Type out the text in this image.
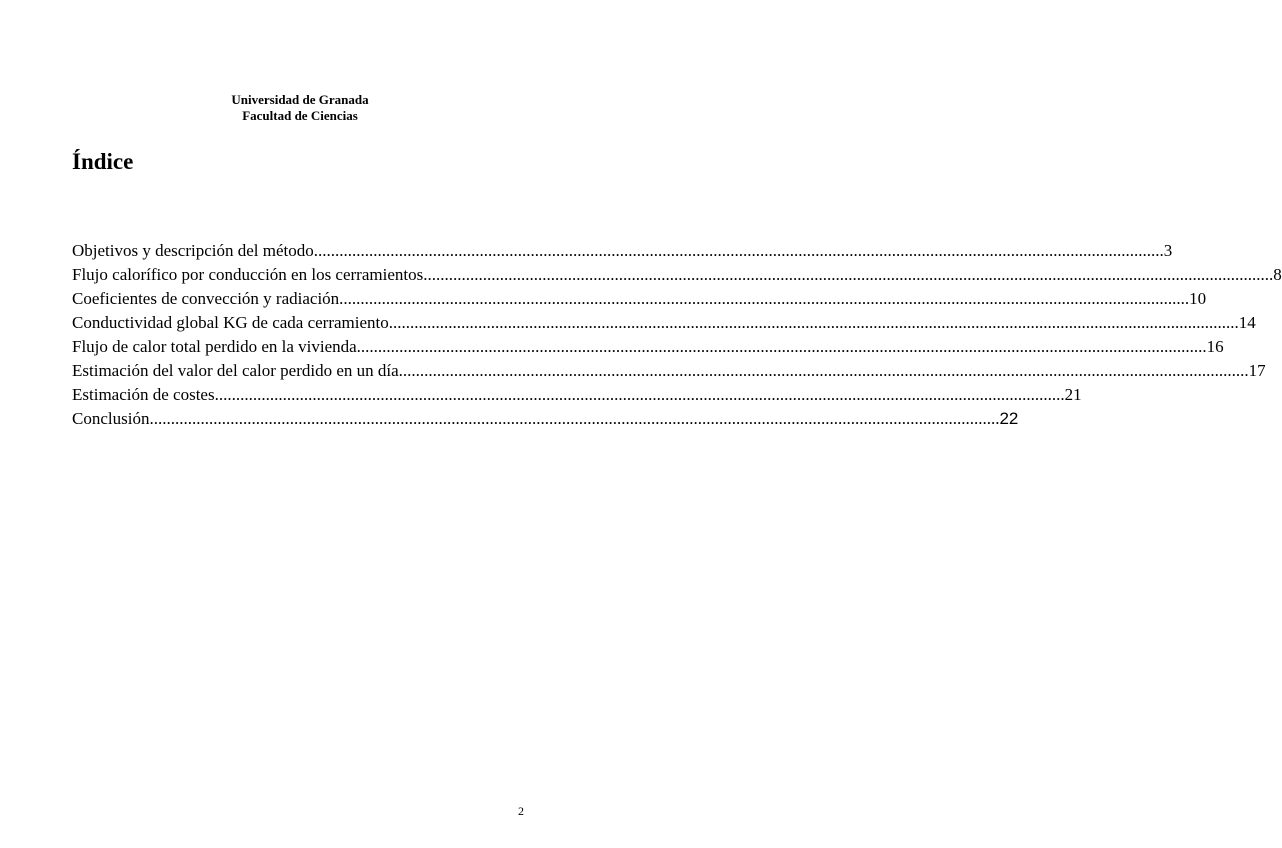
Universidad de Granada
Facultad de Ciencias
Índice
Objetivos y descripción del método ........................................................................................................................................................................................................ 3
Flujo calorífico por conducción en los cerramientos ........................................................................................................................................................................................................ 8
Coeficientes de convección y radiación ........................................................................................................................................................................................................ 10
Conductividad global KG de cada cerramiento ........................................................................................................................................................................................................ 14
Flujo de calor total perdido en la vivienda ........................................................................................................................................................................................................ 16
Estimación del valor del calor perdido en un día ........................................................................................................................................................................................................ 17
Estimación de costes ........................................................................................................................................................................................................ 21
Conclusión ........................................................................................................................................................................................................ 22
2
